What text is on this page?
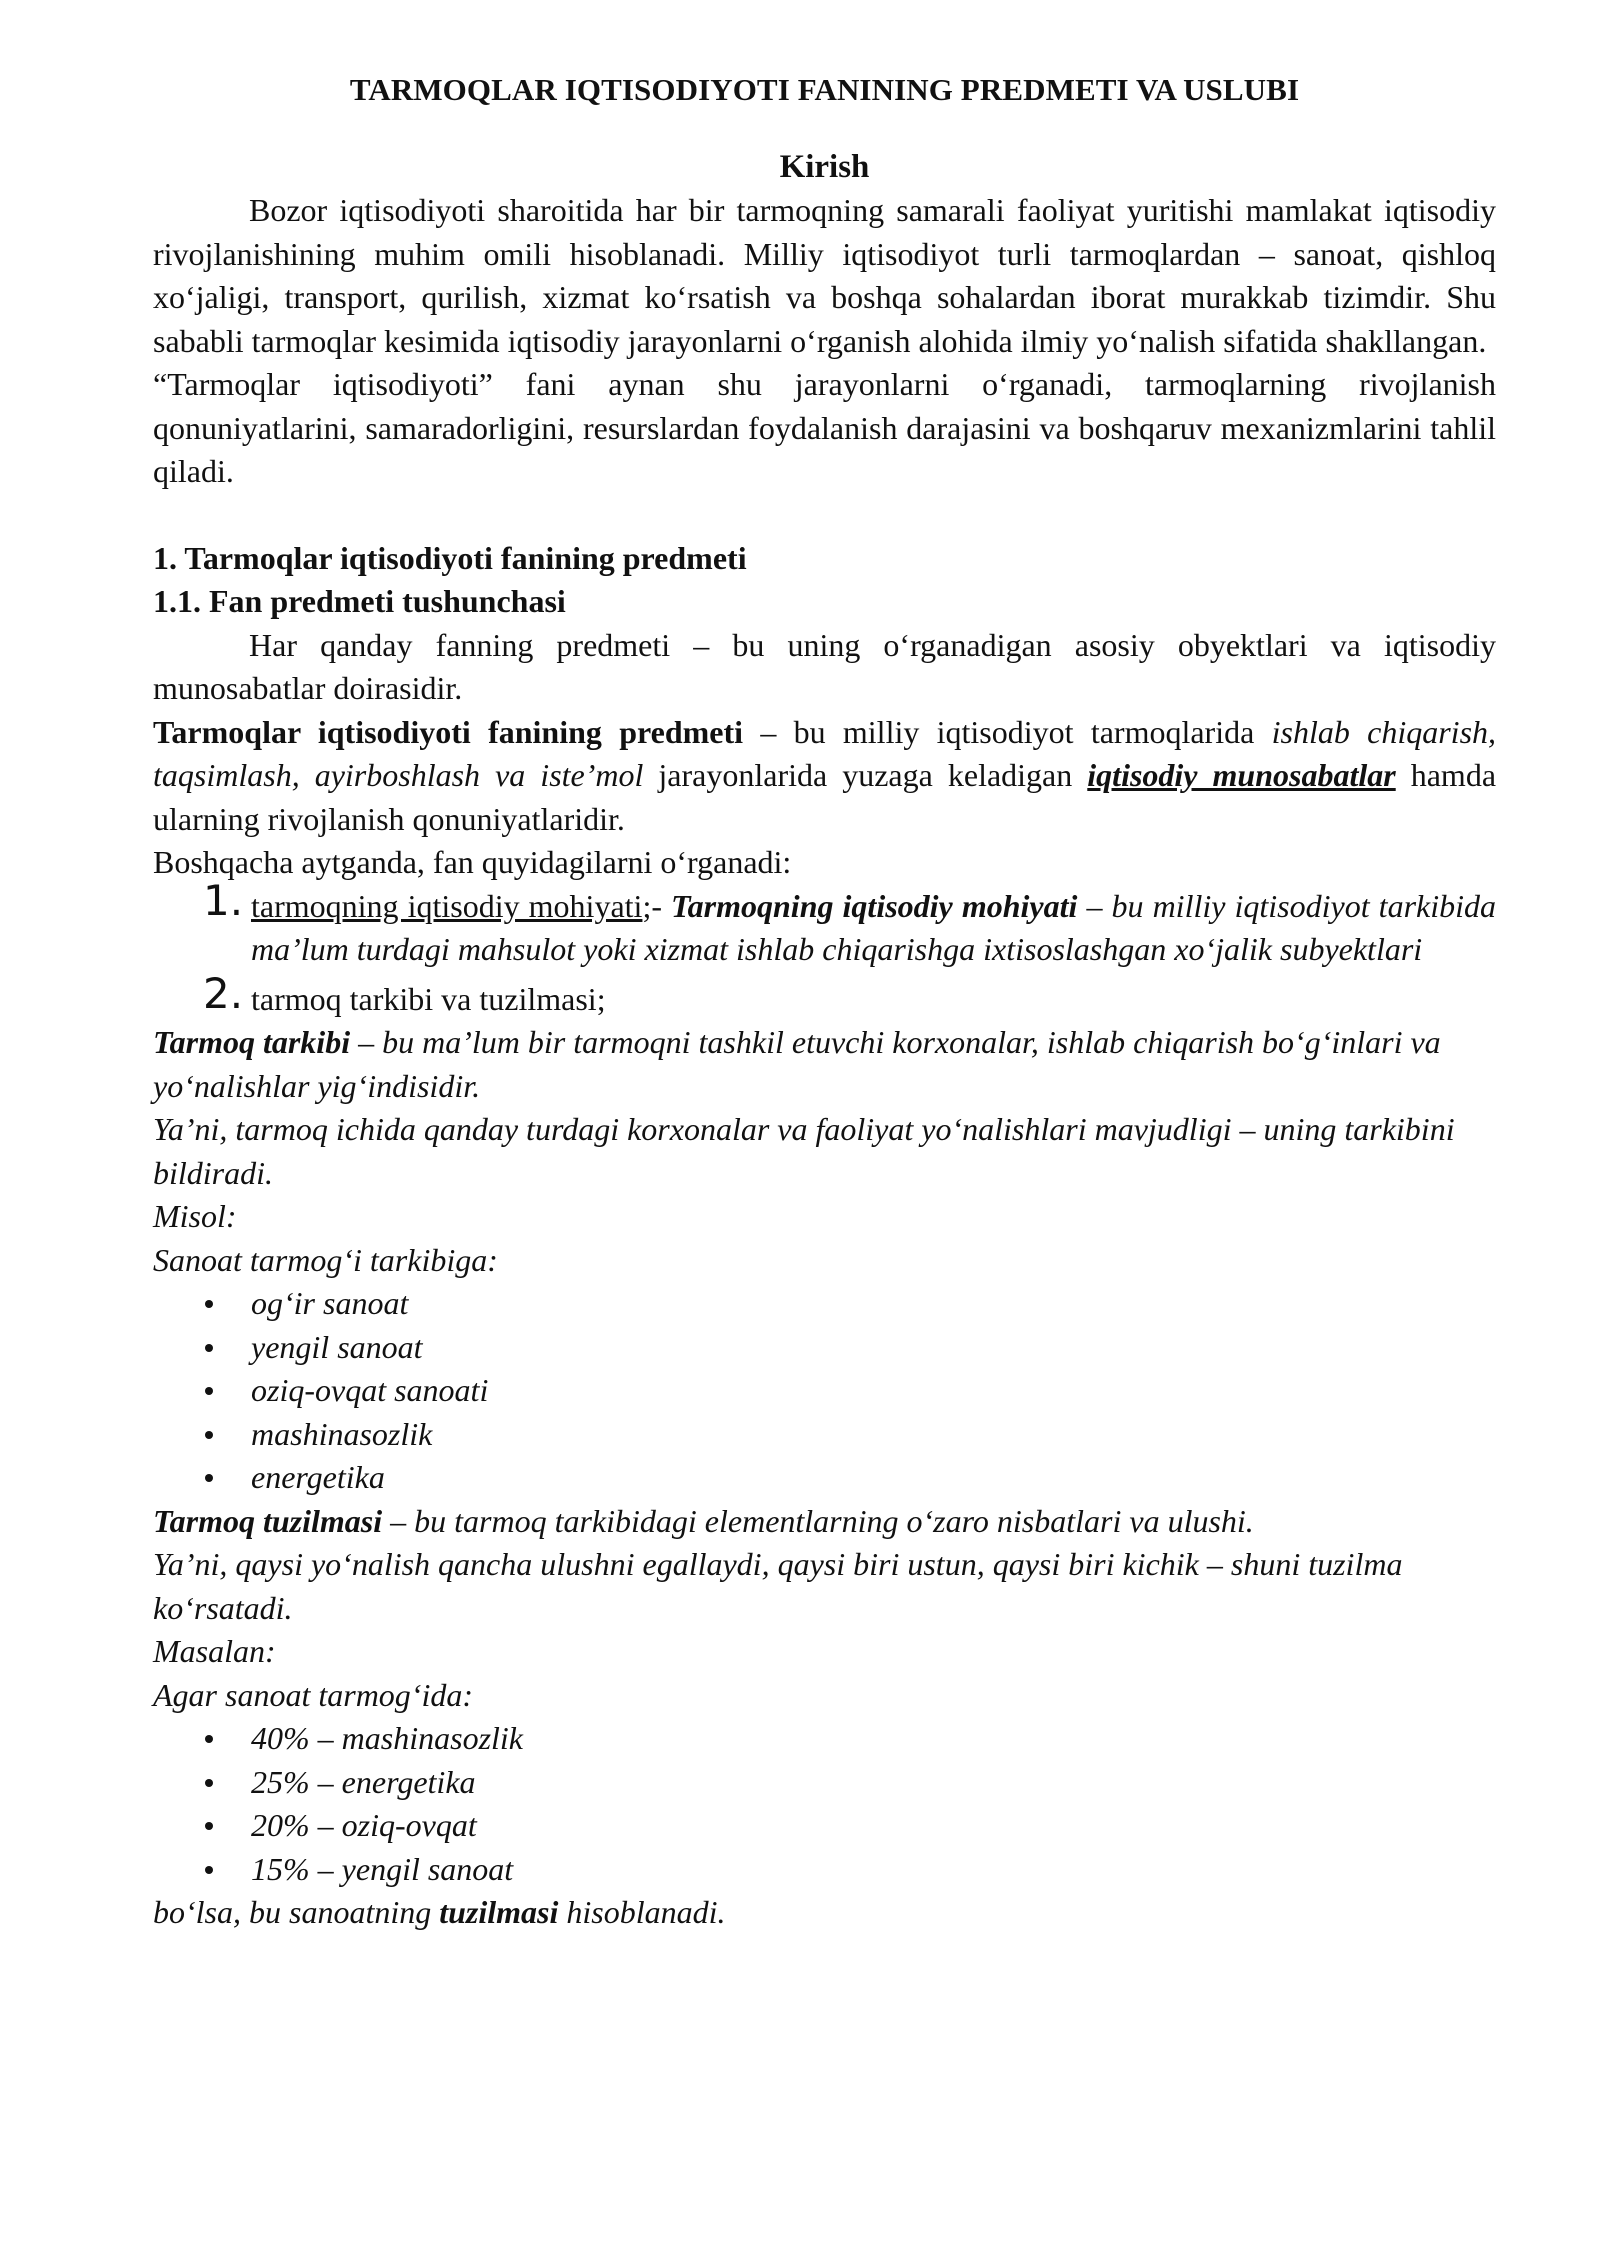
TARMOQLAR IQTISODIYOTI FANINING PREDMETI VA USLUBI

Kirish

Bozor iqtisodiyoti sharoitida har bir tarmoqning samarali faoliyat yuritishi mamlakat iqtisodiy rivojlanishining muhim omili hisoblanadi. Milliy iqtisodiyot turli tarmoqlardan – sanoat, qishloq xo‘jaligi, transport, qurilish, xizmat ko‘rsatish va boshqa sohalardan iborat murakkab tizimdir. Shu sababli tarmoqlar kesimida iqtisodiy jarayonlarni o‘rganish alohida ilmiy yo‘nalish sifatida shakllangan.

“Tarmoqlar iqtisodiyoti” fani aynan shu jarayonlarni o‘rganadi, tarmoqlarning rivojlanish qonuniyatlarini, samaradorligini, resurslardan foydalanish darajasini va boshqaruv mexanizmlarini tahlil qiladi.

1. Tarmoqlar iqtisodiyoti fanining predmeti

1.1. Fan predmeti tushunchasi

Har qanday fanning predmeti – bu uning o‘rganadigan asosiy obyektlari va iqtisodiy munosabatlar doirasidir.

Tarmoqlar iqtisodiyoti fanining predmeti – bu milliy iqtisodiyot tarmoqlarida ishlab chiqarish, taqsimlash, ayirboshlash va iste’mol jarayonlarida yuzaga keladigan iqtisodiy munosabatlar hamda ularning rivojlanish qonuniyatlaridir.

Boshqacha aytganda, fan quyidagilarni o‘rganadi:

1. tarmoqning iqtisodiy mohiyati;- Tarmoqning iqtisodiy mohiyati – bu milliy iqtisodiyot tarkibida ma’lum turdagi mahsulot yoki xizmat ishlab chiqarishga ixtisoslashgan xo‘jalik subyektlari
2. tarmoq tarkibi va tuzilmasi;

Tarmoq tarkibi – bu ma’lum bir tarmoqni tashkil etuvchi korxonalar, ishlab chiqarish bo‘g‘inlari va yo‘nalishlar yig‘indisidir.

Ya’ni, tarmoq ichida qanday turdagi korxonalar va faoliyat yo‘nalishlari mavjudligi – uning tarkibini bildiradi.

Misol:

Sanoat tarmog‘i tarkibiga:

og‘ir sanoat
yengil sanoat
oziq-ovqat sanoati
mashinasozlik
energetika

Tarmoq tuzilmasi – bu tarmoq tarkibidagi elementlarning o‘zaro nisbatlari va ulushi.

Ya’ni, qaysi yo‘nalish qancha ulushni egallaydi, qaysi biri ustun, qaysi biri kichik – shuni tuzilma ko‘rsatadi.

Masalan:

Agar sanoat tarmog‘ida:

40% – mashinasozlik
25% – energetika
20% – oziq-ovqat
15% – yengil sanoat

bo‘lsa, bu sanoatning tuzilmasi hisoblanadi.
